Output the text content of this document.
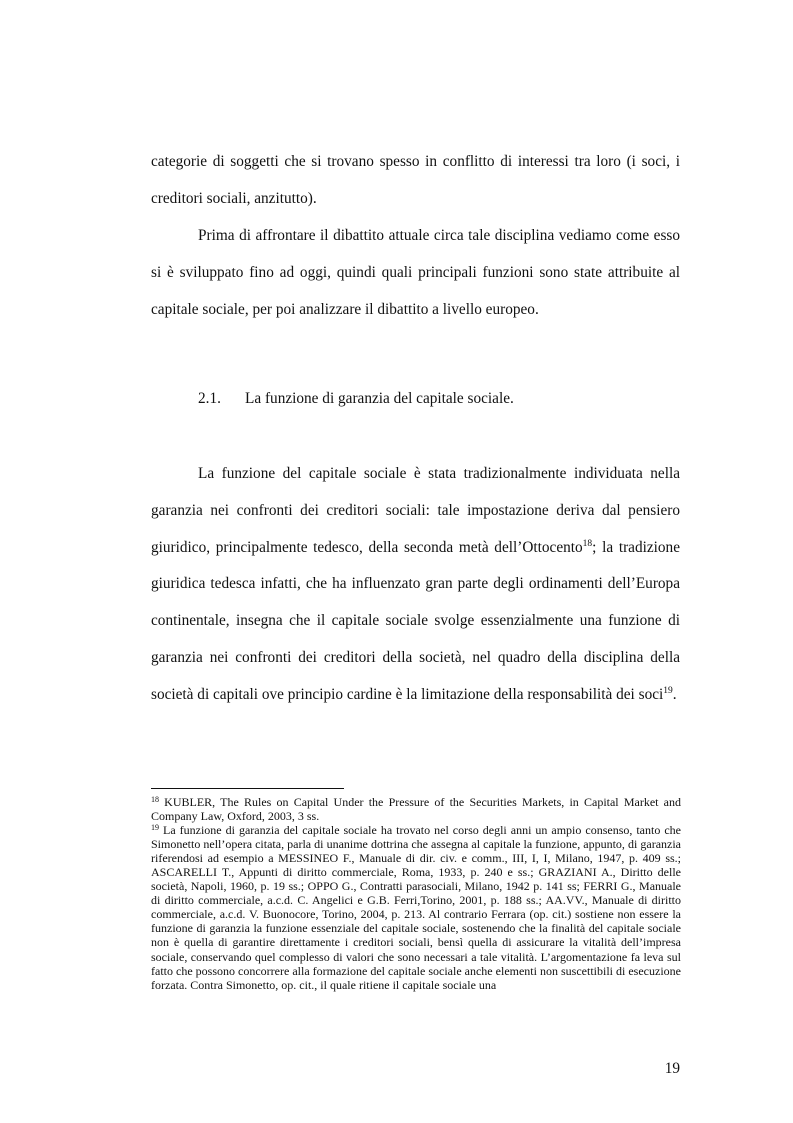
categorie di soggetti che si trovano spesso in conflitto di interessi tra loro (i soci, i creditori sociali, anzitutto).

Prima di affrontare il dibattito attuale circa tale disciplina vediamo come esso si è sviluppato fino ad oggi, quindi quali principali funzioni sono state attribuite al capitale sociale, per poi analizzare il dibattito a livello europeo.

2.1. La funzione di garanzia del capitale sociale.

La funzione del capitale sociale è stata tradizionalmente individuata nella garanzia nei confronti dei creditori sociali: tale impostazione deriva dal pensiero giuridico, principalmente tedesco, della seconda metà dell’Ottocento$^{18}$; la tradizione giuridica tedesca infatti, che ha influenzato gran parte degli ordinamenti dell’Europa continentale, insegna che il capitale sociale svolge essenzialmente una funzione di garanzia nei confronti dei creditori della società, nel quadro della disciplina della società di capitali ove principio cardine è la limitazione della responsabilità dei soci$^{19}$.

$^{18}$ KUBLER, The Rules on Capital Under the Pressure of the Securities Markets, in Capital Market and Company Law, Oxford, 2003, 3 ss.

$^{19}$ La funzione di garanzia del capitale sociale ha trovato nel corso degli anni un ampio consenso, tanto che Simonetto nell’opera citata, parla di unanime dottrina che assegna al capitale la funzione, appunto, di garanzia riferendosi ad esempio a MESSINEO F., Manuale di dir. civ. e comm., III, I, I, Milano, 1947, p. 409 ss.; ASCARELLI T., Appunti di diritto commerciale, Roma, 1933, p. 240 e ss.; GRAZIANI A., Diritto delle società, Napoli, 1960, p. 19 ss.; OPPO G., Contratti parasociali, Milano, 1942 p. 141 ss; FERRI G., Manuale di diritto commerciale, a.c.d. C. Angelici e G.B. Ferri,Torino, 2001, p. 188 ss.; AA.VV., Manuale di diritto commerciale, a.c.d. V. Buonocore, Torino, 2004, p. 213. Al contrario Ferrara (op. cit.) sostiene non essere la funzione di garanzia la funzione essenziale del capitale sociale, sostenendo che la finalità del capitale sociale non è quella di garantire direttamente i creditori sociali, bensì quella di assicurare la vitalità dell’impresa sociale, conservando quel complesso di valori che sono necessari a tale vitalità. L’argomentazione fa leva sul fatto che possono concorrere alla formazione del capitale sociale anche elementi non suscettibili di esecuzione forzata. Contra Simonetto, op. cit., il quale ritiene il capitale sociale una

19
